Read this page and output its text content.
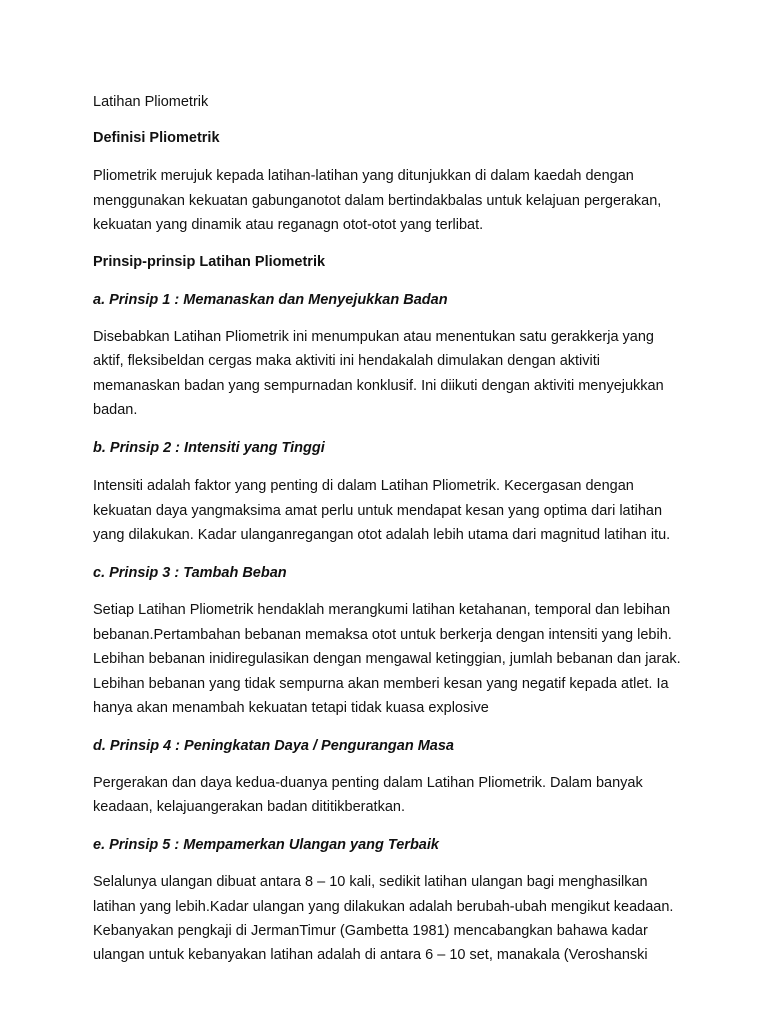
Latihan Pliometrik
Definisi Pliometrik
Pliometrik merujuk kepada latihan-latihan yang ditunjukkan di dalam kaedah dengan
menggunakan kekuatan gabunganotot dalam bertindakbalas untuk kelajuan pergerakan,
kekuatan yang dinamik atau reganagn otot-otot yang terlibat.
Prinsip-prinsip Latihan Pliometrik
a. Prinsip 1 : Memanaskan dan Menyejukkan Badan
Disebabkan Latihan Pliometrik ini menumpukan atau menentukan satu gerakkerja yang
aktif, fleksibeldan cergas maka aktiviti ini hendakalah dimulakan dengan aktiviti
memanaskan badan yang sempurnadan konklusif. Ini diikuti dengan aktiviti menyejukkan
badan.
b. Prinsip 2 : Intensiti yang Tinggi
Intensiti adalah faktor yang penting di dalam Latihan Pliometrik. Kecergasan dengan
kekuatan daya yangmaksima amat perlu untuk mendapat kesan yang optima dari latihan
yang dilakukan. Kadar ulanganregangan otot adalah lebih utama dari magnitud latihan itu.
c. Prinsip 3 : Tambah Beban
Setiap Latihan Pliometrik hendaklah merangkumi latihan ketahanan, temporal dan lebihan
bebanan.Pertambahan bebanan memaksa otot untuk berkerja dengan intensiti yang lebih.
Lebihan bebanan inidiregulasikan dengan mengawal ketinggian, jumlah bebanan dan jarak.
Lebihan bebanan yang tidak sempurna akan memberi kesan yang negatif kepada atlet. Ia
hanya akan menambah kekuatan tetapi tidak kuasa explosive
d. Prinsip 4 : Peningkatan Daya / Pengurangan Masa
Pergerakan dan daya kedua-duanya penting dalam Latihan Pliometrik. Dalam banyak
keadaan, kelajuangerakan badan dititikberatkan.
e. Prinsip 5 : Mempamerkan Ulangan yang Terbaik
Selalunya ulangan dibuat antara 8 – 10 kali, sedikit latihan ulangan bagi menghasilkan
latihan yang lebih.Kadar ulangan yang dilakukan adalah berubah-ubah mengikut keadaan.
Kebanyakan pengkaji di JermanTimur (Gambetta 1981) mencabangkan bahawa kadar
ulangan untuk kebanyakan latihan adalah di antara 6 – 10 set, manakala (Veroshanski
